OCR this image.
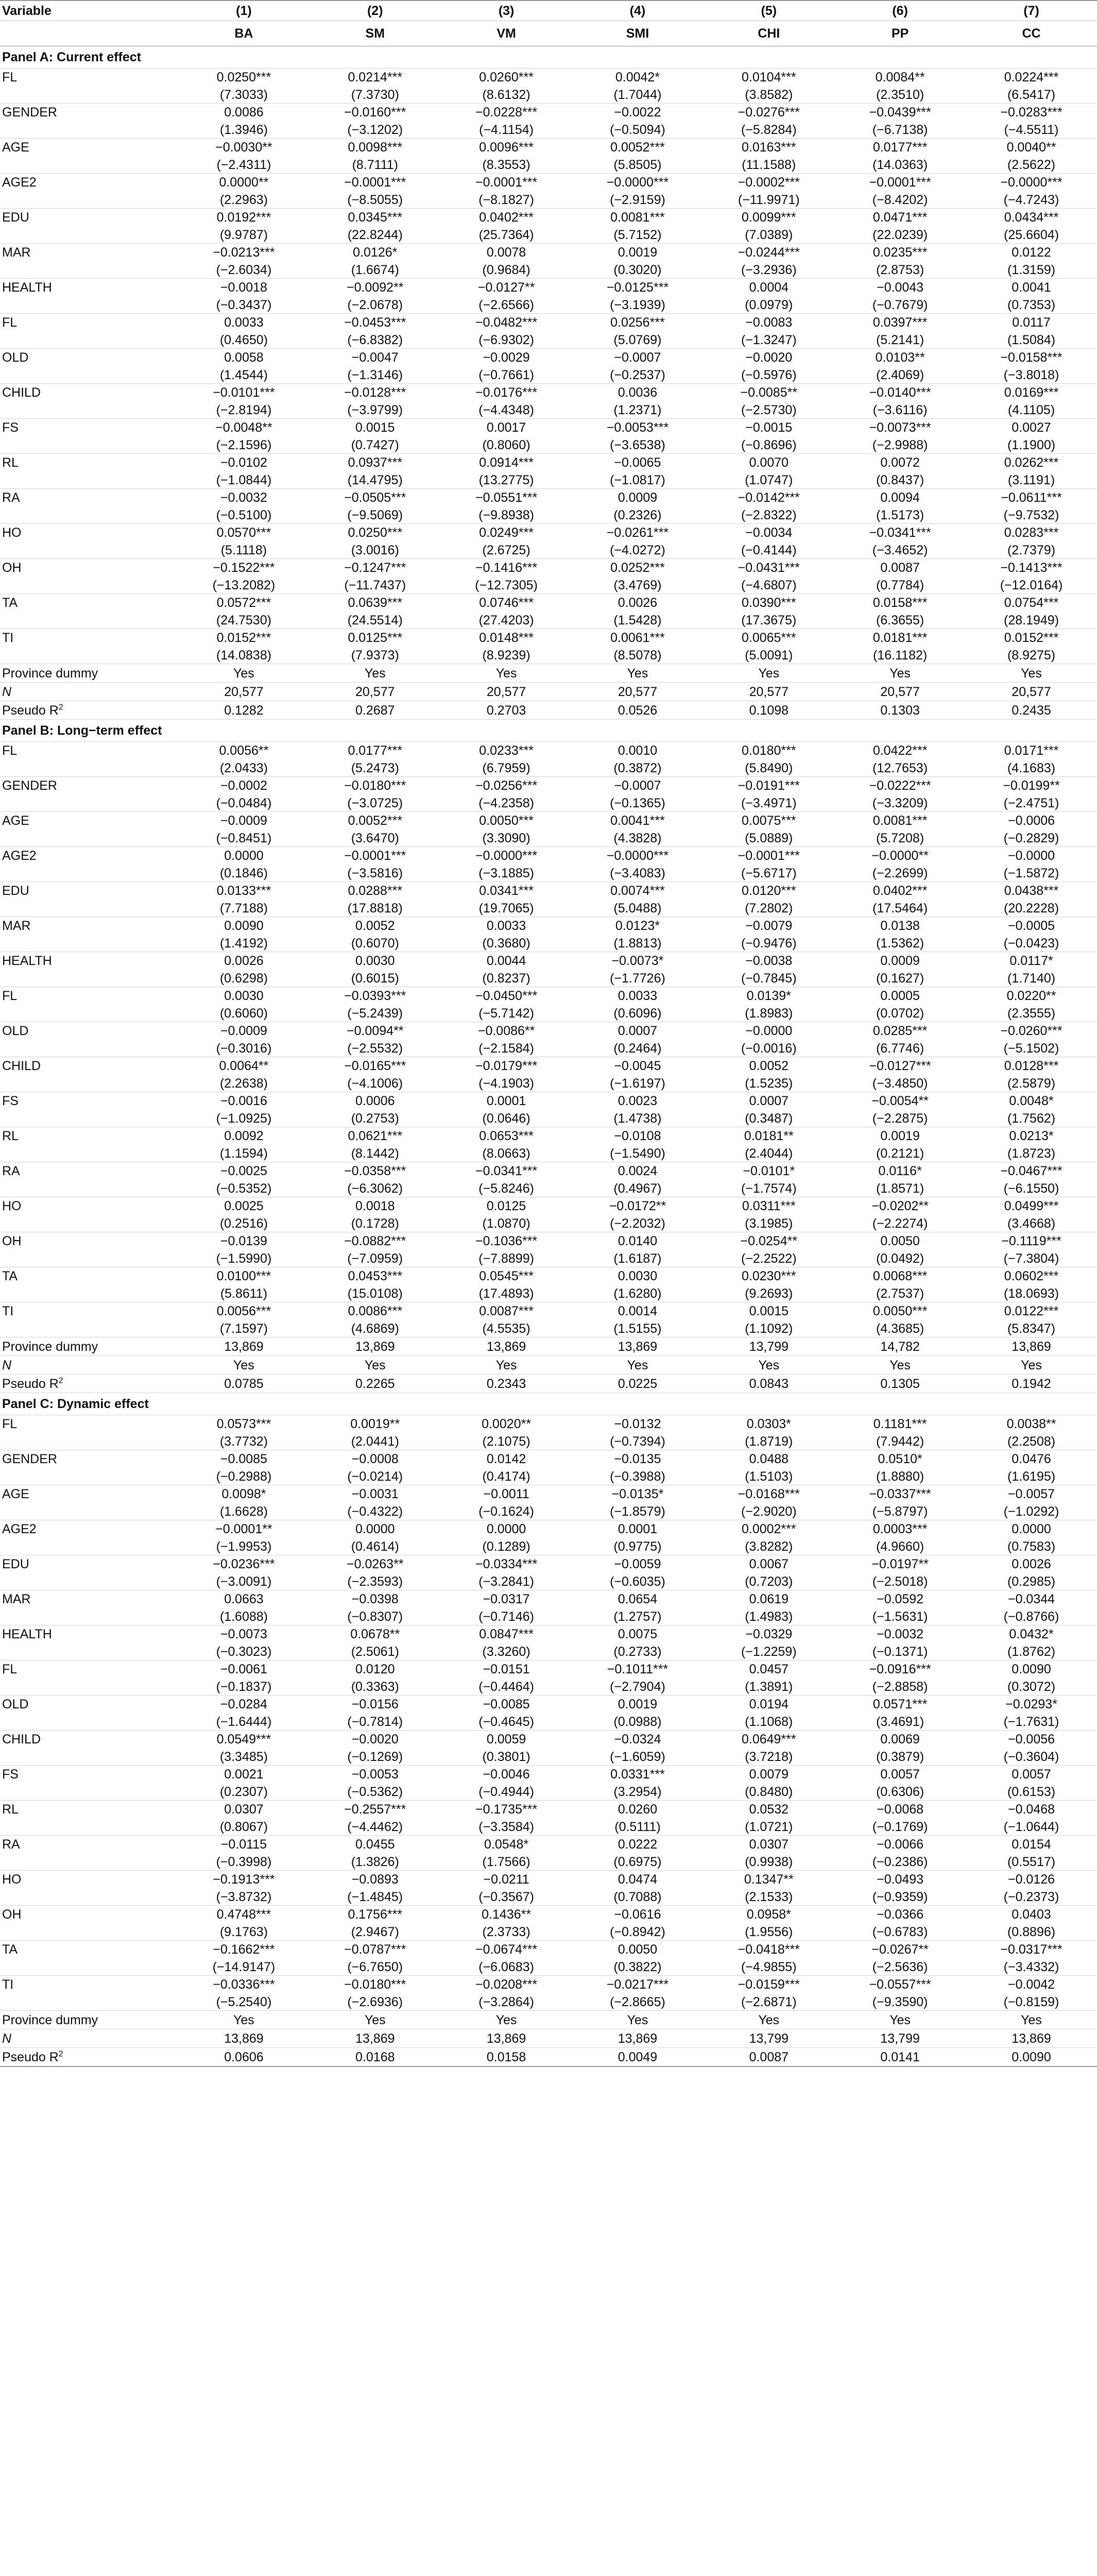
Variable	(1)	(2)	(3)	(4)	(5)	(6)	(7)
	BA	SM	VM	SMI	CHI	PP	CC
Panel A: Current effect							
FL	0.0250***	0.0214***	0.0260***	0.0042*	0.0104***	0.0084**	0.0224***
	(7.3033)	(7.3730)	(8.6132)	(1.7044)	(3.8582)	(2.3510)	(6.5417)
GENDER	0.0086	−0.0160***	−0.0228***	−0.0022	−0.0276***	−0.0439***	−0.0283***
	(1.3946)	(−3.1202)	(−4.1154)	(−0.5094)	(−5.8284)	(−6.7138)	(−4.5511)
AGE	−0.0030**	0.0098***	0.0096***	0.0052***	0.0163***	0.0177***	0.0040**
	(−2.4311)	(8.7111)	(8.3553)	(5.8505)	(11.1588)	(14.0363)	(2.5622)
AGE2	0.0000**	−0.0001***	−0.0001***	−0.0000***	−0.0002***	−0.0001***	−0.0000***
	(2.2963)	(−8.5055)	(−8.1827)	(−2.9159)	(−11.9971)	(−8.4202)	(−4.7243)
EDU	0.0192***	0.0345***	0.0402***	0.0081***	0.0099***	0.0471***	0.0434***
	(9.9787)	(22.8244)	(25.7364)	(5.7152)	(7.0389)	(22.0239)	(25.6604)
MAR	−0.0213***	0.0126*	0.0078	0.0019	−0.0244***	0.0235***	0.0122
	(−2.6034)	(1.6674)	(0.9684)	(0.3020)	(−3.2936)	(2.8753)	(1.3159)
HEALTH	−0.0018	−0.0092**	−0.0127**	−0.0125***	0.0004	−0.0043	0.0041
	(−0.3437)	(−2.0678)	(−2.6566)	(−3.1939)	(0.0979)	(−0.7679)	(0.7353)
FL	0.0033	−0.0453***	−0.0482***	0.0256***	−0.0083	0.0397***	0.0117
	(0.4650)	(−6.8382)	(−6.9302)	(5.0769)	(−1.3247)	(5.2141)	(1.5084)
OLD	0.0058	−0.0047	−0.0029	−0.0007	−0.0020	0.0103**	−0.0158***
	(1.4544)	(−1.3146)	(−0.7661)	(−0.2537)	(−0.5976)	(2.4069)	(−3.8018)
CHILD	−0.0101***	−0.0128***	−0.0176***	0.0036	−0.0085**	−0.0140***	0.0169***
	(−2.8194)	(−3.9799)	(−4.4348)	(1.2371)	(−2.5730)	(−3.6116)	(4.1105)
FS	−0.0048**	0.0015	0.0017	−0.0053***	−0.0015	−0.0073***	0.0027
	(−2.1596)	(0.7427)	(0.8060)	(−3.6538)	(−0.8696)	(−2.9988)	(1.1900)
RL	−0.0102	0.0937***	0.0914***	−0.0065	0.0070	0.0072	0.0262***
	(−1.0844)	(14.4795)	(13.2775)	(−1.0817)	(1.0747)	(0.8437)	(3.1191)
RA	−0.0032	−0.0505***	−0.0551***	0.0009	−0.0142***	0.0094	−0.0611***
	(−0.5100)	(−9.5069)	(−9.8938)	(0.2326)	(−2.8322)	(1.5173)	(−9.7532)
HO	0.0570***	0.0250***	0.0249***	−0.0261***	−0.0034	−0.0341***	0.0283***
	(5.1118)	(3.0016)	(2.6725)	(−4.0272)	(−0.4144)	(−3.4652)	(2.7379)
OH	−0.1522***	−0.1247***	−0.1416***	0.0252***	−0.0431***	0.0087	−0.1413***
	(−13.2082)	(−11.7437)	(−12.7305)	(3.4769)	(−4.6807)	(0.7784)	(−12.0164)
TA	0.0572***	0.0639***	0.0746***	0.0026	0.0390***	0.0158***	0.0754***
	(24.7530)	(24.5514)	(27.4203)	(1.5428)	(17.3675)	(6.3655)	(28.1949)
TI	0.0152***	0.0125***	0.0148***	0.0061***	0.0065***	0.0181***	0.0152***
	(14.0838)	(7.9373)	(8.9239)	(8.5078)	(5.0091)	(16.1182)	(8.9275)
Province dummy	Yes	Yes	Yes	Yes	Yes	Yes	Yes
N	20,577	20,577	20,577	20,577	20,577	20,577	20,577
Pseudo $R^2$	0.1282	0.2687	0.2703	0.0526	0.1098	0.1303	0.2435
Panel B: Long−term effect							
FL	0.0056**	0.0177***	0.0233***	0.0010	0.0180***	0.0422***	0.0171***
	(2.0433)	(5.2473)	(6.7959)	(0.3872)	(5.8490)	(12.7653)	(4.1683)
GENDER	−0.0002	−0.0180***	−0.0256***	−0.0007	−0.0191***	−0.0222***	−0.0199**
	(−0.0484)	(−3.0725)	(−4.2358)	(−0.1365)	(−3.4971)	(−3.3209)	(−2.4751)
AGE	−0.0009	0.0052***	0.0050***	0.0041***	0.0075***	0.0081***	−0.0006
	(−0.8451)	(3.6470)	(3.3090)	(4.3828)	(5.0889)	(5.7208)	(−0.2829)
AGE2	0.0000	−0.0001***	−0.0000***	−0.0000***	−0.0001***	−0.0000**	−0.0000
	(0.1846)	(−3.5816)	(−3.1885)	(−3.4083)	(−5.6717)	(−2.2699)	(−1.5872)
EDU	0.0133***	0.0288***	0.0341***	0.0074***	0.0120***	0.0402***	0.0438***
	(7.7188)	(17.8818)	(19.7065)	(5.0488)	(7.2802)	(17.5464)	(20.2228)
MAR	0.0090	0.0052	0.0033	0.0123*	−0.0079	0.0138	−0.0005
	(1.4192)	(0.6070)	(0.3680)	(1.8813)	(−0.9476)	(1.5362)	(−0.0423)
HEALTH	0.0026	0.0030	0.0044	−0.0073*	−0.0038	0.0009	0.0117*
	(0.6298)	(0.6015)	(0.8237)	(−1.7726)	(−0.7845)	(0.1627)	(1.7140)
FL	0.0030	−0.0393***	−0.0450***	0.0033	0.0139*	0.0005	0.0220**
	(0.6060)	(−5.2439)	(−5.7142)	(0.6096)	(1.8983)	(0.0702)	(2.3555)
OLD	−0.0009	−0.0094**	−0.0086**	0.0007	−0.0000	0.0285***	−0.0260***
	(−0.3016)	(−2.5532)	(−2.1584)	(0.2464)	(−0.0016)	(6.7746)	(−5.1502)
CHILD	0.0064**	−0.0165***	−0.0179***	−0.0045	0.0052	−0.0127***	0.0128***
	(2.2638)	(−4.1006)	(−4.1903)	(−1.6197)	(1.5235)	(−3.4850)	(2.5879)
FS	−0.0016	0.0006	0.0001	0.0023	0.0007	−0.0054**	0.0048*
	(−1.0925)	(0.2753)	(0.0646)	(1.4738)	(0.3487)	(−2.2875)	(1.7562)
RL	0.0092	0.0621***	0.0653***	−0.0108	0.0181**	0.0019	0.0213*
	(1.1594)	(8.1442)	(8.0663)	(−1.5490)	(2.4044)	(0.2121)	(1.8723)
RA	−0.0025	−0.0358***	−0.0341***	0.0024	−0.0101*	0.0116*	−0.0467***
	(−0.5352)	(−6.3062)	(−5.8246)	(0.4967)	(−1.7574)	(1.8571)	(−6.1550)
HO	0.0025	0.0018	0.0125	−0.0172**	0.0311***	−0.0202**	0.0499***
	(0.2516)	(0.1728)	(1.0870)	(−2.2032)	(3.1985)	(−2.2274)	(3.4668)
OH	−0.0139	−0.0882***	−0.1036***	0.0140	−0.0254**	0.0050	−0.1119***
	(−1.5990)	(−7.0959)	(−7.8899)	(1.6187)	(−2.2522)	(0.0492)	(−7.3804)
TA	0.0100***	0.0453***	0.0545***	0.0030	0.0230***	0.0068***	0.0602***
	(5.8611)	(15.0108)	(17.4893)	(1.6280)	(9.2693)	(2.7537)	(18.0693)
TI	0.0056***	0.0086***	0.0087***	0.0014	0.0015	0.0050***	0.0122***
	(7.1597)	(4.6869)	(4.5535)	(1.5155)	(1.1092)	(4.3685)	(5.8347)
Province dummy	13,869	13,869	13,869	13,869	13,799	14,782	13,869
N	Yes	Yes	Yes	Yes	Yes	Yes	Yes
Pseudo $R^2$	0.0785	0.2265	0.2343	0.0225	0.0843	0.1305	0.1942
Panel C: Dynamic effect							
FL	0.0573***	0.0019**	0.0020**	−0.0132	0.0303*	0.1181***	0.0038**
	(3.7732)	(2.0441)	(2.1075)	(−0.7394)	(1.8719)	(7.9442)	(2.2508)
GENDER	−0.0085	−0.0008	0.0142	−0.0135	0.0488	0.0510*	0.0476
	(−0.2988)	(−0.0214)	(0.4174)	(−0.3988)	(1.5103)	(1.8880)	(1.6195)
AGE	0.0098*	−0.0031	−0.0011	−0.0135*	−0.0168***	−0.0337***	−0.0057
	(1.6628)	(−0.4322)	(−0.1624)	(−1.8579)	(−2.9020)	(−5.8797)	(−1.0292)
AGE2	−0.0001**	0.0000	0.0000	0.0001	0.0002***	0.0003***	0.0000
	(−1.9953)	(0.4614)	(0.1289)	(0.9775)	(3.8282)	(4.9660)	(0.7583)
EDU	−0.0236***	−0.0263**	−0.0334***	−0.0059	0.0067	−0.0197**	0.0026
	(−3.0091)	(−2.3593)	(−3.2841)	(−0.6035)	(0.7203)	(−2.5018)	(0.2985)
MAR	0.0663	−0.0398	−0.0317	0.0654	0.0619	−0.0592	−0.0344
	(1.6088)	(−0.8307)	(−0.7146)	(1.2757)	(1.4983)	(−1.5631)	(−0.8766)
HEALTH	−0.0073	0.0678**	0.0847***	0.0075	−0.0329	−0.0032	0.0432*
	(−0.3023)	(2.5061)	(3.3260)	(0.2733)	(−1.2259)	(−0.1371)	(1.8762)
FL	−0.0061	0.0120	−0.0151	−0.1011***	0.0457	−0.0916***	0.0090
	(−0.1837)	(0.3363)	(−0.4464)	(−2.7904)	(1.3891)	(−2.8858)	(0.3072)
OLD	−0.0284	−0.0156	−0.0085	0.0019	0.0194	0.0571***	−0.0293*
	(−1.6444)	(−0.7814)	(−0.4645)	(0.0988)	(1.1068)	(3.4691)	(−1.7631)
CHILD	0.0549***	−0.0020	0.0059	−0.0324	0.0649***	0.0069	−0.0056
	(3.3485)	(−0.1269)	(0.3801)	(−1.6059)	(3.7218)	(0.3879)	(−0.3604)
FS	0.0021	−0.0053	−0.0046	0.0331***	0.0079	0.0057	0.0057
	(0.2307)	(−0.5362)	(−0.4944)	(3.2954)	(0.8480)	(0.6306)	(0.6153)
RL	0.0307	−0.2557***	−0.1735***	0.0260	0.0532	−0.0068	−0.0468
	(0.8067)	(−4.4462)	(−3.3584)	(0.5111)	(1.0721)	(−0.1769)	(−1.0644)
RA	−0.0115	0.0455	0.0548*	0.0222	0.0307	−0.0066	0.0154
	(−0.3998)	(1.3826)	(1.7566)	(0.6975)	(0.9938)	(−0.2386)	(0.5517)
HO	−0.1913***	−0.0893	−0.0211	0.0474	0.1347**	−0.0493	−0.0126
	(−3.8732)	(−1.4845)	(−0.3567)	(0.7088)	(2.1533)	(−0.9359)	(−0.2373)
OH	0.4748***	0.1756***	0.1436**	−0.0616	0.0958*	−0.0366	0.0403
	(9.1763)	(2.9467)	(2.3733)	(−0.8942)	(1.9556)	(−0.6783)	(0.8896)
TA	−0.1662***	−0.0787***	−0.0674***	0.0050	−0.0418***	−0.0267**	−0.0317***
	(−14.9147)	(−6.7650)	(−6.0683)	(0.3822)	(−4.9855)	(−2.5636)	(−3.4332)
TI	−0.0336***	−0.0180***	−0.0208***	−0.0217***	−0.0159***	−0.0557***	−0.0042
	(−5.2540)	(−2.6936)	(−3.2864)	(−2.8665)	(−2.6871)	(−9.3590)	(−0.8159)
Province dummy	Yes	Yes	Yes	Yes	Yes	Yes	Yes
N	13,869	13,869	13,869	13,869	13,799	13,799	13,869
Pseudo $R^2$	0.0606	0.0168	0.0158	0.0049	0.0087	0.0141	0.0090
